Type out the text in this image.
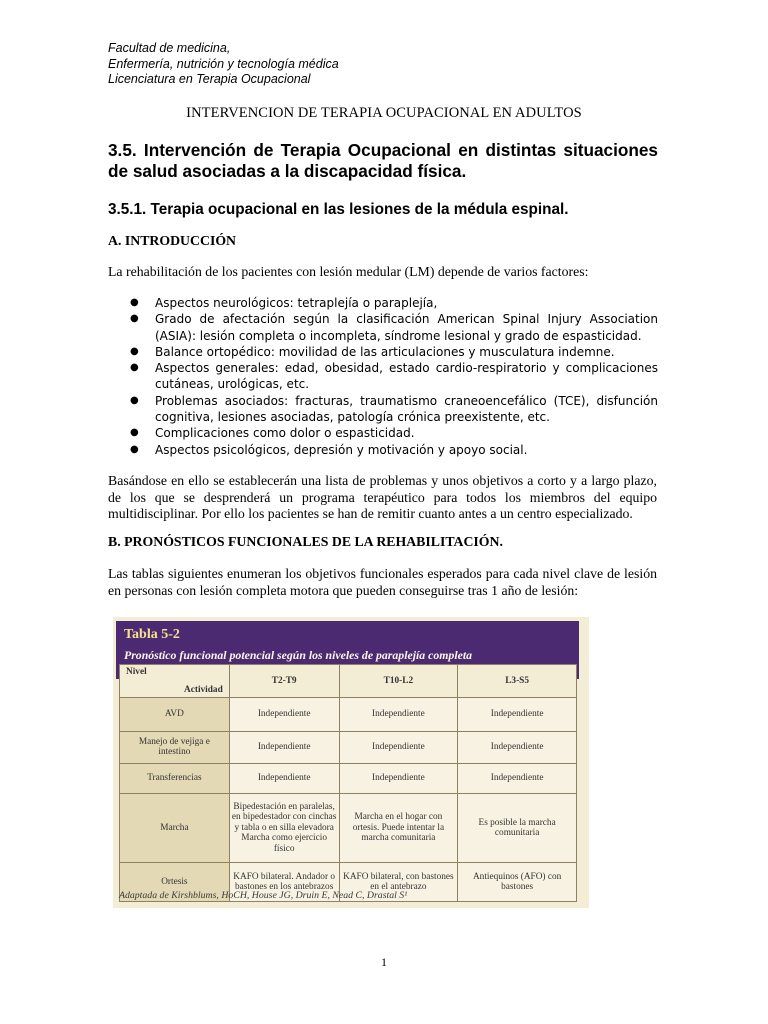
Facultad de medicina,
Enfermería, nutrición y tecnología médica
Licenciatura en Terapia Ocupacional
INTERVENCION DE TERAPIA OCUPACIONAL EN ADULTOS
3.5. Intervención de Terapia Ocupacional en distintas situaciones de salud asociadas a la discapacidad física.
3.5.1. Terapia ocupacional en las lesiones de la médula espinal.
A. INTRODUCCIÓN
La rehabilitación de los pacientes con lesión medular (LM) depende de varios factores:
● Aspectos neurológicos: tetraplejía o paraplejía,
● Grado de afectación según la clasificación American Spinal Injury Association (ASIA): lesión completa o incompleta, síndrome lesional y grado de espasticidad.
● Balance ortopédico: movilidad de las articulaciones y musculatura indemne.
● Aspectos generales: edad, obesidad, estado cardio-respiratorio y complicaciones cutáneas, urológicas, etc.
● Problemas asociados: fracturas, traumatismo craneoencefálico (TCE), disfunción cognitiva, lesiones asociadas, patología crónica preexistente, etc.
● Complicaciones como dolor o espasticidad.
● Aspectos psicológicos, depresión y motivación y apoyo social.
Basándose en ello se establecerán una lista de problemas y unos objetivos a corto y a largo plazo, de los que se desprenderá un programa terapéutico para todos los miembros del equipo multidisciplinar. Por ello los pacientes se han de remitir cuanto antes a un centro especializado.
B. PRONÓSTICOS FUNCIONALES DE LA REHABILITACIÓN.
Las tablas siguientes enumeran los objetivos funcionales esperados para cada nivel clave de lesión en personas con lesión completa motora que pueden conseguirse tras 1 año de lesión:
Tabla 5-2
Pronóstico funcional potencial según los niveles de paraplejía completa
Nivel
Actividad	T2-T9	T10-L2	L3-S5
AVD	Independiente	Independiente	Independiente
Manejo de vejiga e intestino	Independiente	Independiente	Independiente
Transferencias	Independiente	Independiente	Independiente
Marcha	Bipedestación en paralelas, en bipedestador con cinchas y tabla o en silla elevadora Marcha como ejercicio físico	Marcha en el hogar con ortesis. Puede intentar la marcha comunitaria	Es posible la marcha comunitaria
Ortesis	KAFO bilateral. Andador o bastones en los antebrazos	KAFO bilateral, con bastones en el antebrazo	Antiequinos (AFO) con bastones
Adaptada de Kirshblums, HoCH, House JG, Druin E, Nead C, Drastal S¹
1
